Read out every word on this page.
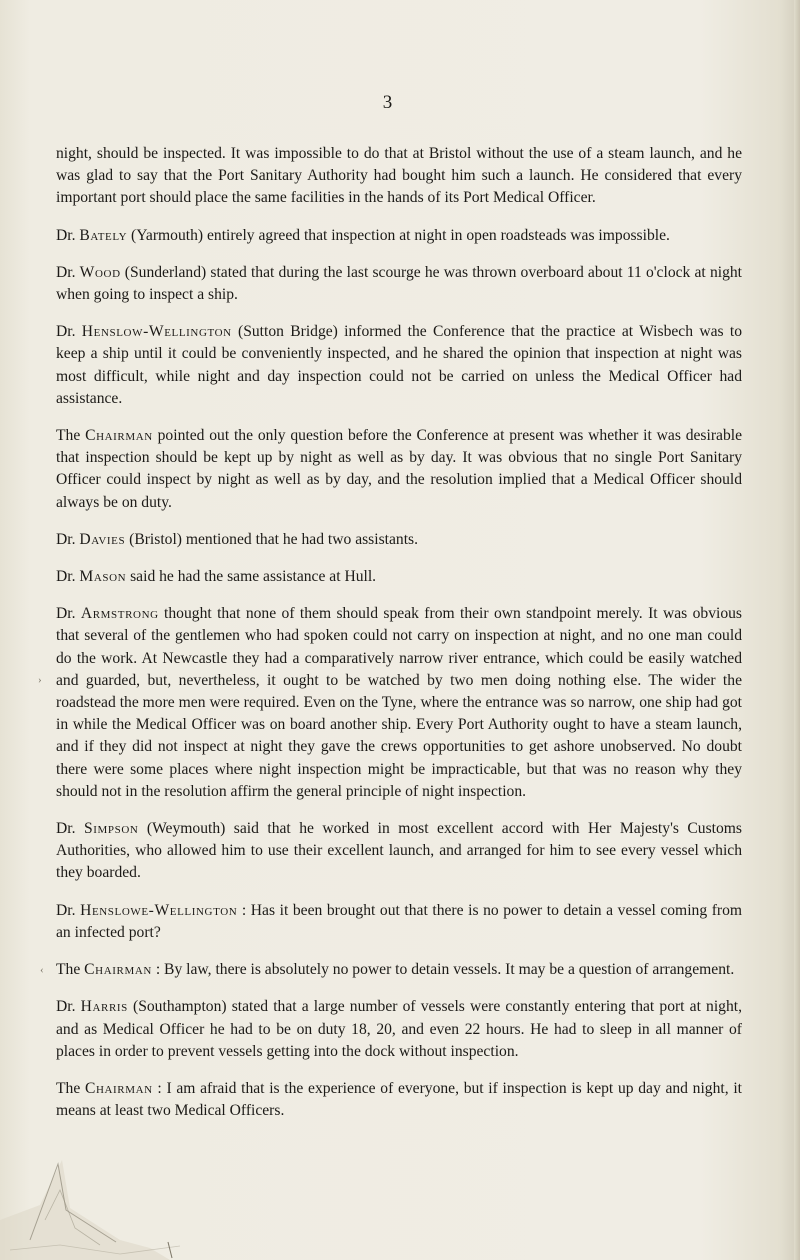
3

night, should be inspected. It was impossible to do that at Bristol without the use of a steam launch, and he was glad to say that the Port Sanitary Authority had bought him such a launch. He considered that every important port should place the same facilities in the hands of its Port Medical Officer.

Dr. Bately (Yarmouth) entirely agreed that inspection at night in open roadsteads was impossible.

Dr. Wood (Sunderland) stated that during the last scourge he was thrown overboard about 11 o'clock at night when going to inspect a ship.

Dr. Henslow-Wellington (Sutton Bridge) informed the Conference that the practice at Wisbech was to keep a ship until it could be conveniently inspected, and he shared the opinion that inspection at night was most difficult, while night and day inspection could not be carried on unless the Medical Officer had assistance.

The Chairman pointed out the only question before the Conference at present was whether it was desirable that inspection should be kept up by night as well as by day. It was obvious that no single Port Sanitary Officer could inspect by night as well as by day, and the resolution implied that a Medical Officer should always be on duty.

Dr. Davies (Bristol) mentioned that he had two assistants.

Dr. Mason said he had the same assistance at Hull.

Dr. Armstrong thought that none of them should speak from their own standpoint merely. It was obvious that several of the gentlemen who had spoken could not carry on inspection at night, and no one man could do the work. At Newcastle they had a comparatively narrow river entrance, which could be easily watched and guarded, but, nevertheless, it ought to be watched by two men doing nothing else. The wider the roadstead the more men were required. Even on the Tyne, where the entrance was so narrow, one ship had got in while the Medical Officer was on board another ship. Every Port Authority ought to have a steam launch, and if they did not inspect at night they gave the crews opportunities to get ashore unobserved. No doubt there were some places where night inspection might be impracticable, but that was no reason why they should not in the resolution affirm the general principle of night inspection.

Dr. Simpson (Weymouth) said that he worked in most excellent accord with Her Majesty's Customs Authorities, who allowed him to use their excellent launch, and arranged for him to see every vessel which they boarded.

Dr. Henslowe-Wellington : Has it been brought out that there is no power to detain a vessel coming from an infected port?

The Chairman : By law, there is absolutely no power to detain vessels. It may be a question of arrangement.

Dr. Harris (Southampton) stated that a large number of vessels were constantly entering that port at night, and as Medical Officer he had to be on duty 18, 20, and even 22 hours. He had to sleep in all manner of places in order to prevent vessels getting into the dock without inspection.

The Chairman : I am afraid that is the experience of everyone, but if inspection is kept up day and night, it means at least two Medical Officers.

›
‹
